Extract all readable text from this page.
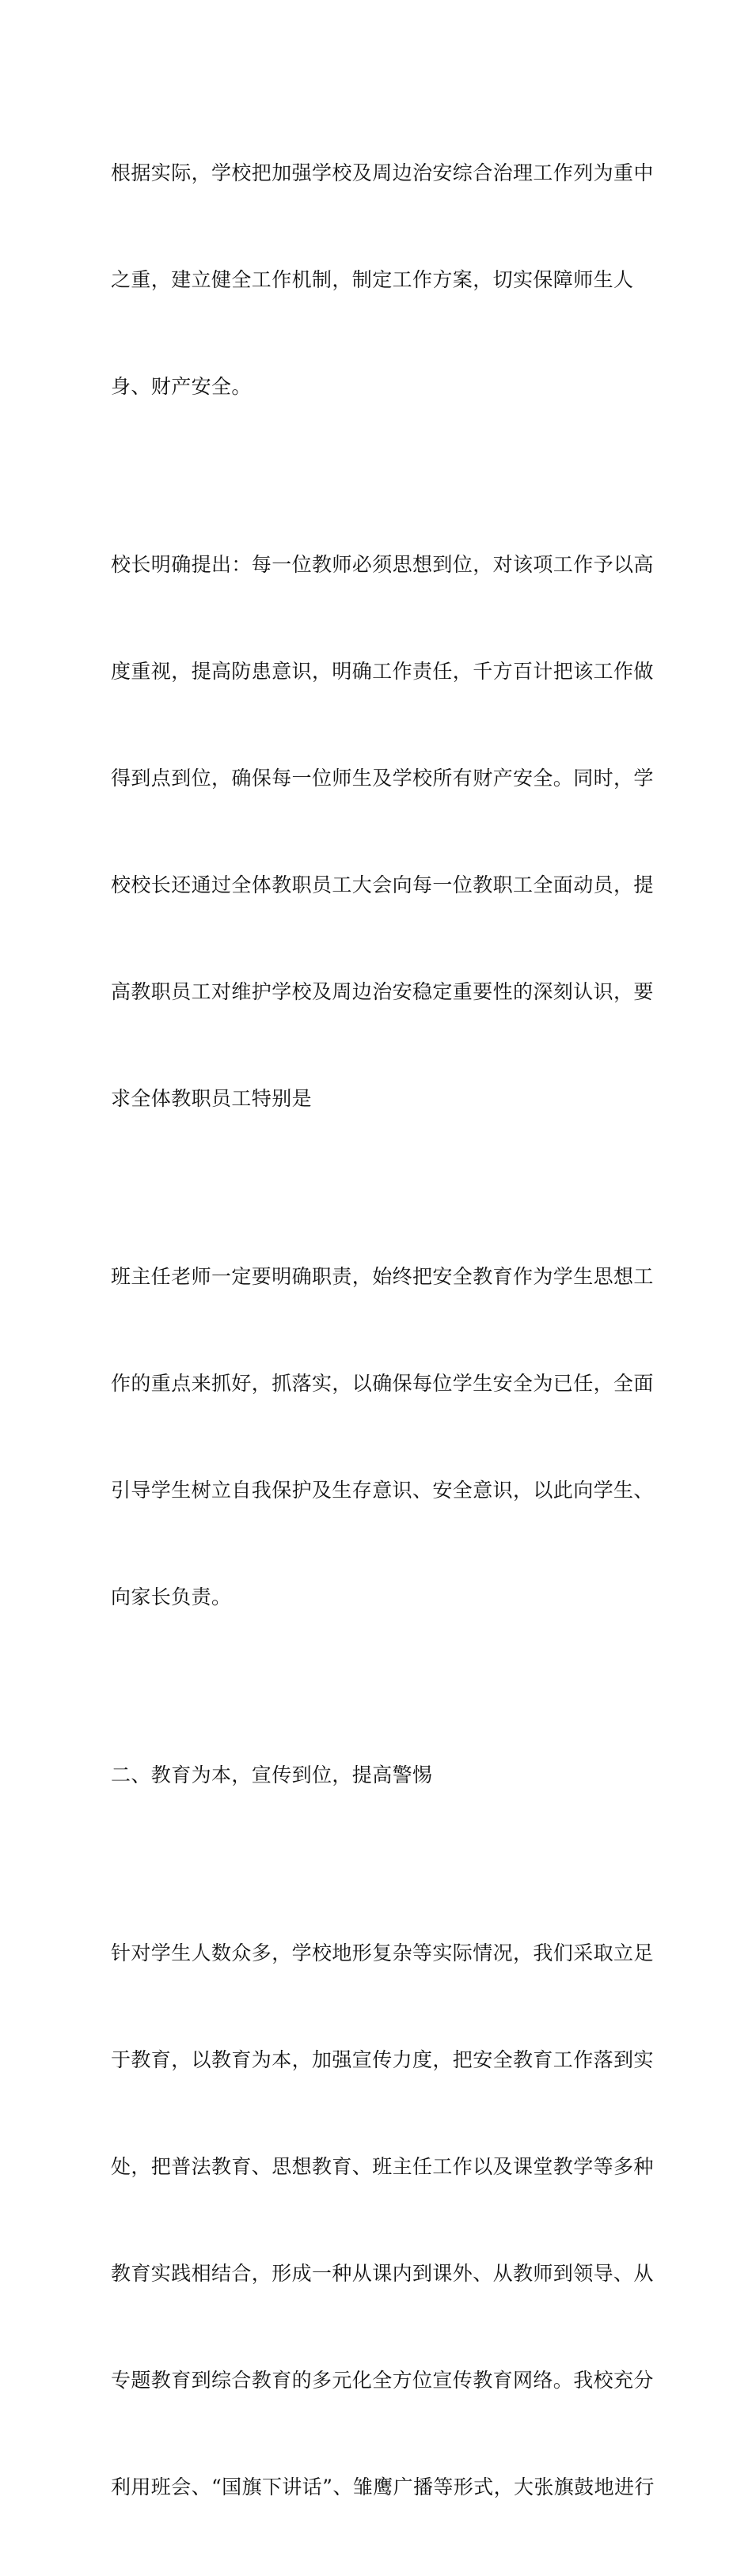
根据实际，学校把加强学校及周边治安综合治理工作列为重中

之重，建立健全工作机制，制定工作方案，切实保障师生人

身、财产安全。

校长明确提出：每一位教师必须思想到位，对该项工作予以高

度重视，提高防患意识，明确工作责任，千方百计把该工作做

得到点到位，确保每一位师生及学校所有财产安全。同时，学

校校长还通过全体教职员工大会向每一位教职工全面动员，提

高教职员工对维护学校及周边治安稳定重要性的深刻认识，要

求全体教职员工特别是

班主任老师一定要明确职责，始终把安全教育作为学生思想工

作的重点来抓好，抓落实，以确保每位学生安全为已任，全面

引导学生树立自我保护及生存意识、安全意识，以此向学生、

向家长负责。

二、教育为本，宣传到位，提高警惕

针对学生人数众多，学校地形复杂等实际情况，我们采取立足

于教育，以教育为本，加强宣传力度，把安全教育工作落到实

处，把普法教育、思想教育、班主任工作以及课堂教学等多种

教育实践相结合，形成一种从课内到课外、从教师到领导、从

专题教育到综合教育的多元化全方位宣传教育网络。我校充分

利用班会、“国旗下讲话”、雏鹰广播等形式，大张旗鼓地进行
